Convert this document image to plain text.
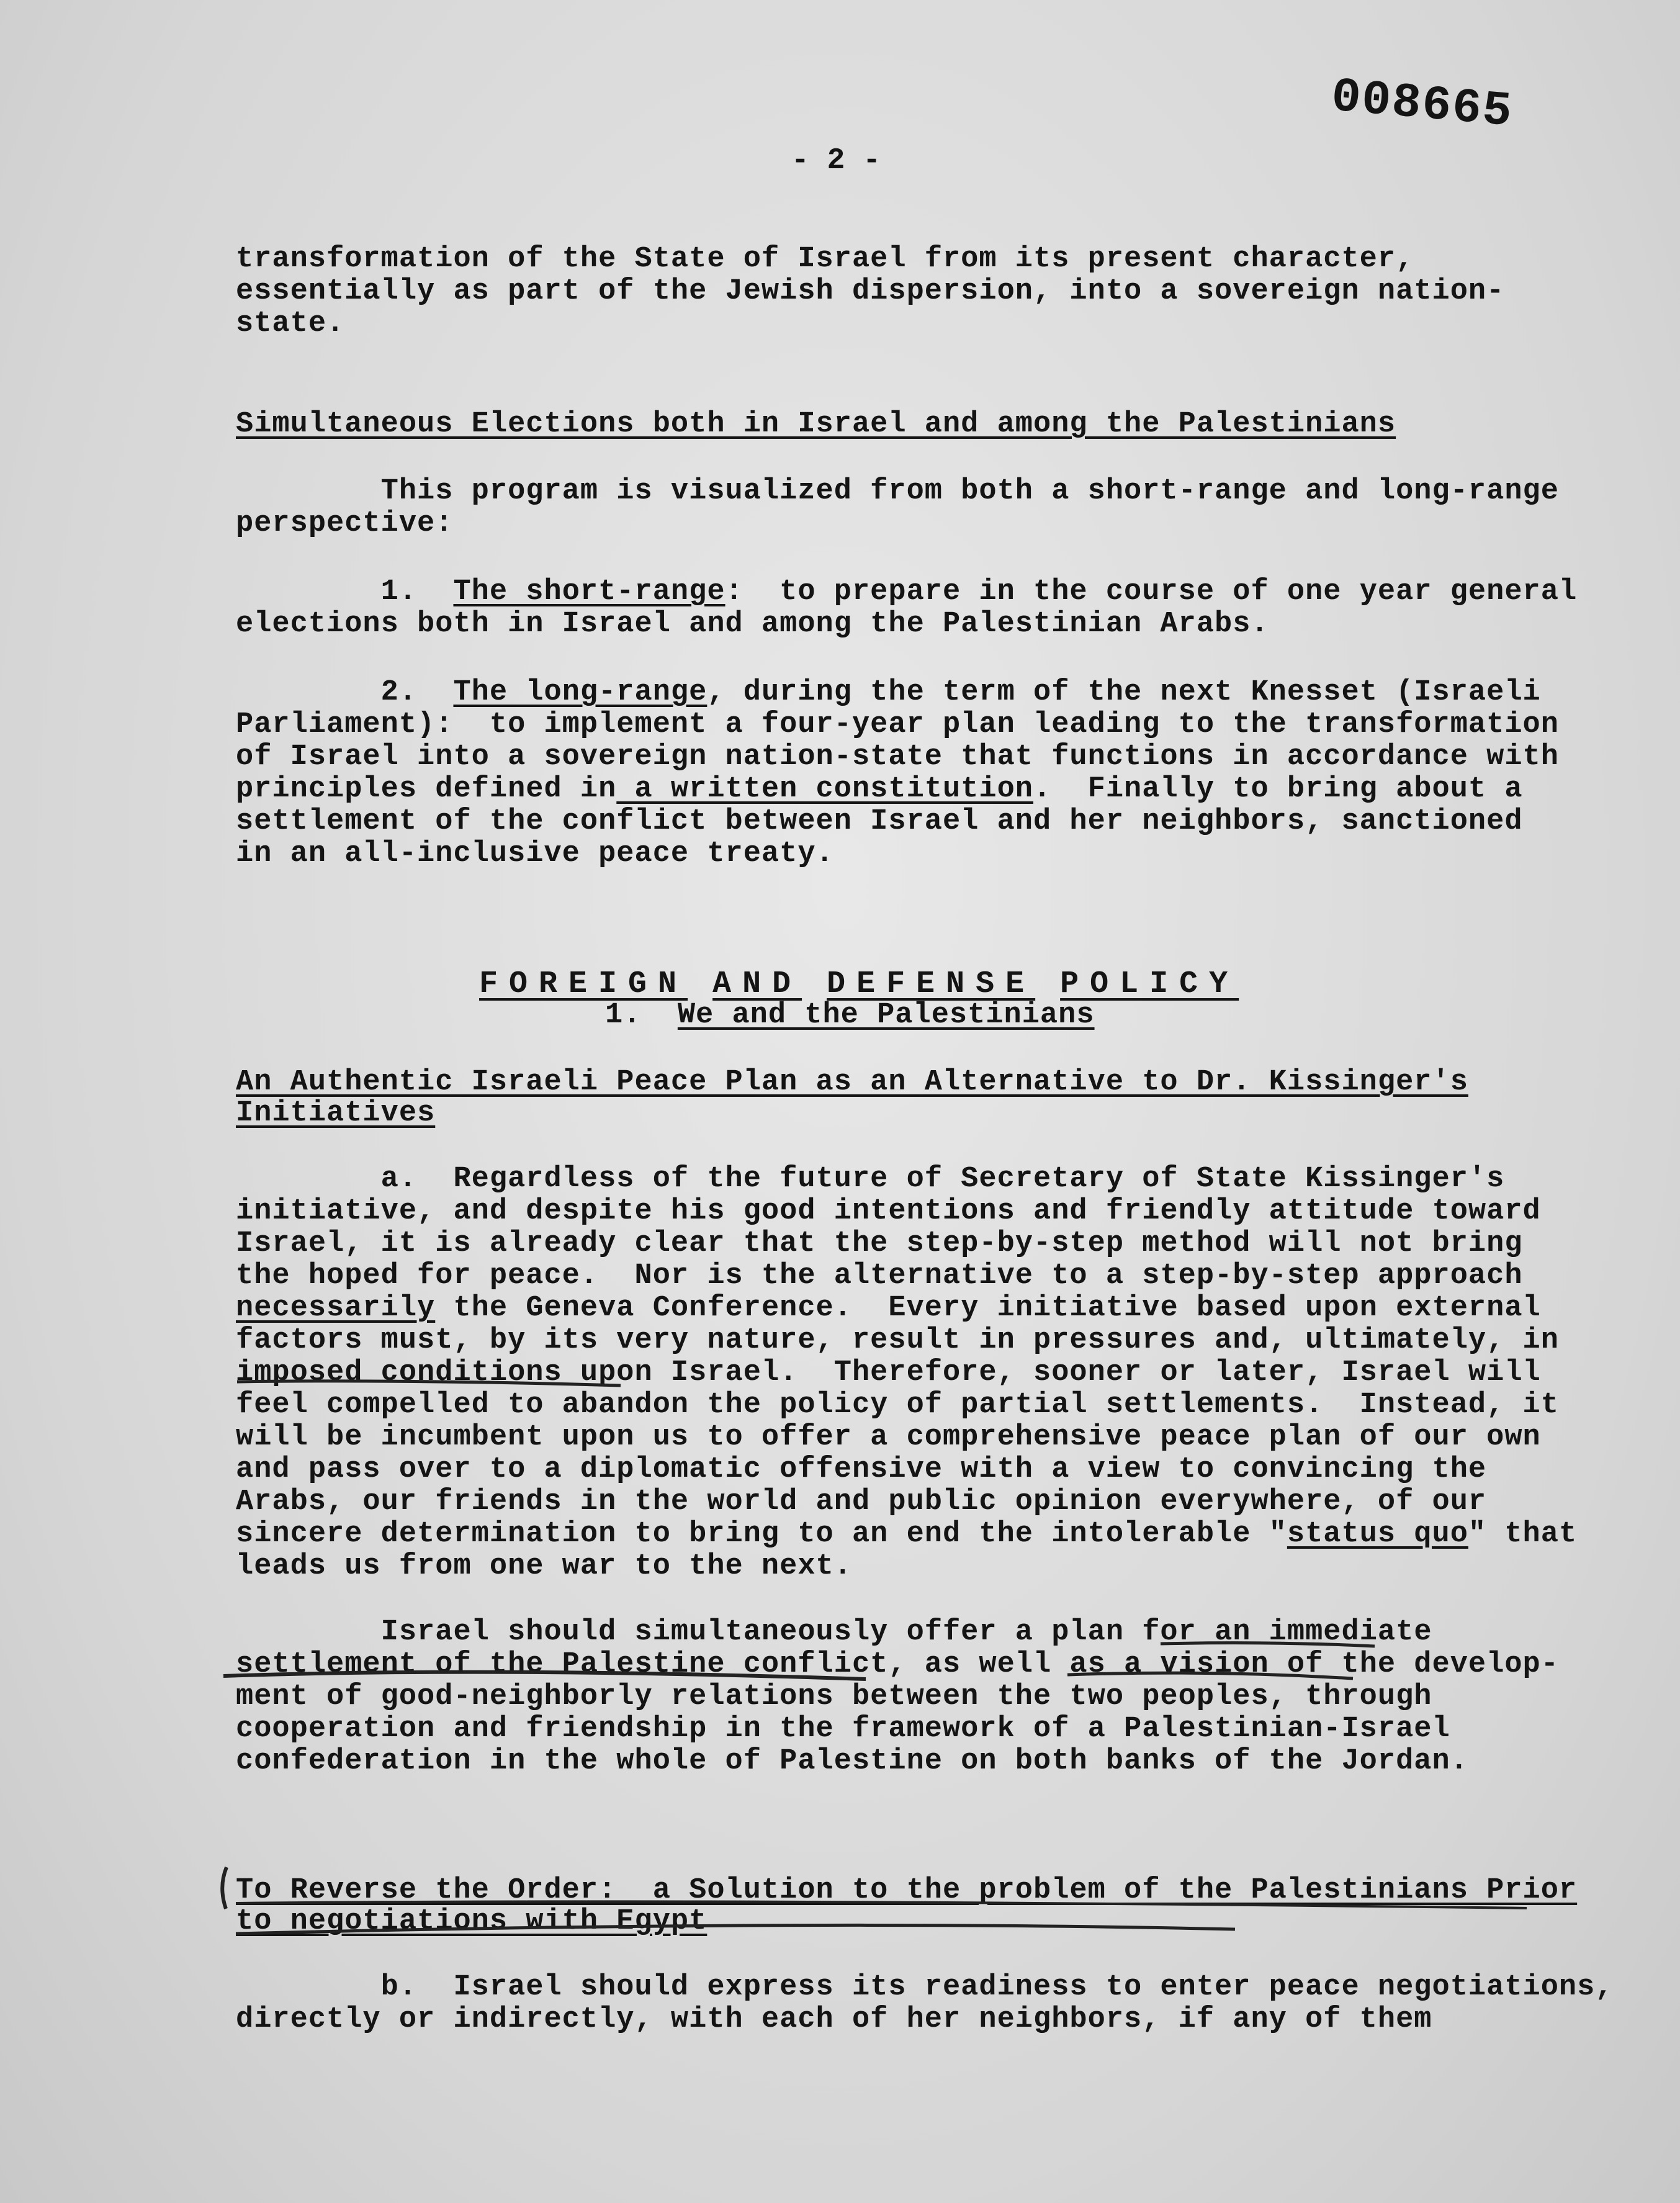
008665
- 2 -
transformation of the State of Israel from its present character,
essentially as part of the Jewish dispersion, into a sovereign nation-
state.
Simultaneous Elections both in Israel and among the Palestinians
This program is visualized from both a short-range and long-range
perspective:
1.  The short-range:  to prepare in the course of one year general
elections both in Israel and among the Palestinian Arabs.
2.  The long-range, during the term of the next Knesset (Israeli
Parliament):  to implement a four-year plan leading to the transformation
of Israel into a sovereign nation-state that functions in accordance with
principles defined in a written constitution.  Finally to bring about a
settlement of the conflict between Israel and her neighbors, sanctioned
in an all-inclusive peace treaty.

FOREIGN AND DEFENSE POLICY

1. We and the Palestinians
An Authentic Israeli Peace Plan as an Alternative to Dr. Kissinger's
Initiatives
a.  Regardless of the future of Secretary of State Kissinger's
initiative, and despite his good intentions and friendly attitude toward
Israel, it is already clear that the step-by-step method will not bring
the hoped for peace.  Nor is the alternative to a step-by-step approach
necessarily the Geneva Conference.  Every initiative based upon external
factors must, by its very nature, result in pressures and, ultimately, in
imposed conditions upon Israel.  Therefore, sooner or later, Israel will
feel compelled to abandon the policy of partial settlements.  Instead, it
will be incumbent upon us to offer a comprehensive peace plan of our own
and pass over to a diplomatic offensive with a view to convincing the
Arabs, our friends in the world and public opinion everywhere, of our
sincere determination to bring to an end the intolerable "status quo" that
leads us from one war to the next.
Israel should simultaneously offer a plan for an immediate
settlement of the Palestine conflict, as well as a vision of the develop-
ment of good-neighborly relations between the two peoples, through
cooperation and friendship in the framework of a Palestinian-Israel
confederation in the whole of Palestine on both banks of the Jordan.
To Reverse the Order:  a Solution to the problem of the Palestinians Prior
to negotiations with Egypt
b.  Israel should express its readiness to enter peace negotiations,
directly or indirectly, with each of her neighbors, if any of them
